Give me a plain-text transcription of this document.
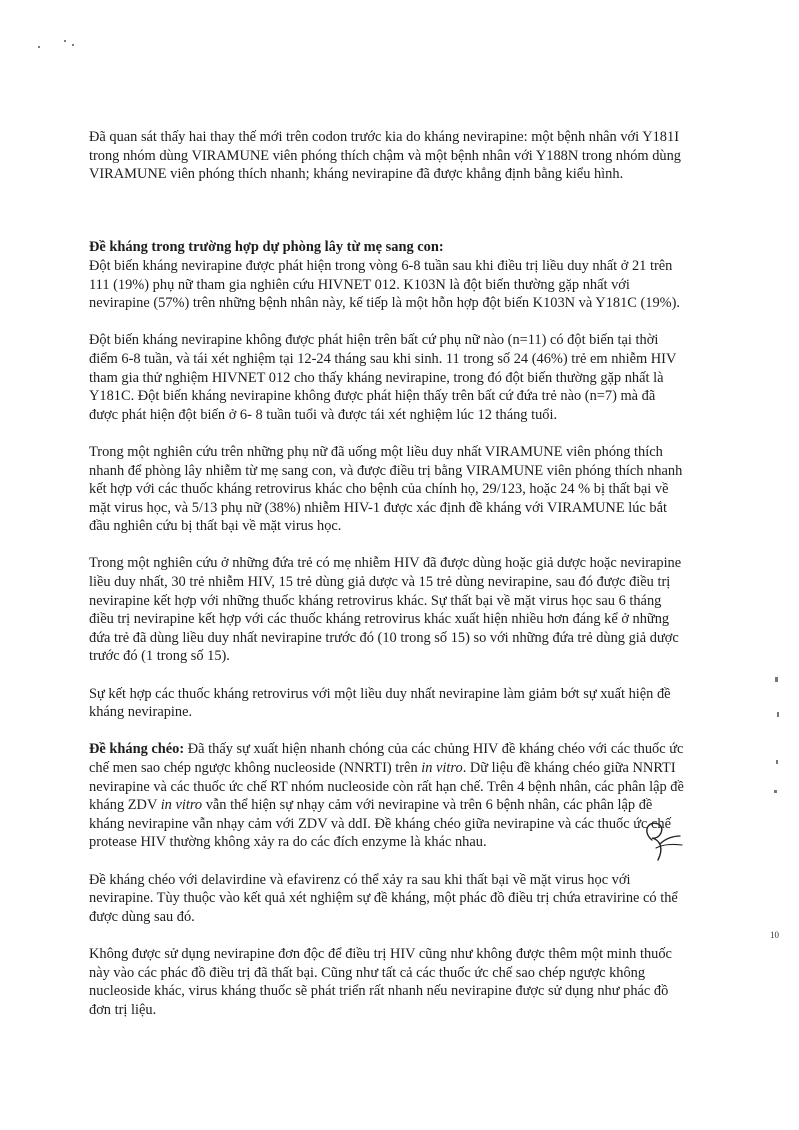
Đã quan sát thấy hai thay thế mới trên codon trước kia do kháng nevirapine: một bệnh nhân với Y181I
trong nhóm dùng VIRAMUNE viên phóng thích chậm và một bệnh nhân với Y188N trong nhóm dùng
VIRAMUNE viên phóng thích nhanh; kháng nevirapine đã được khẳng định bằng kiểu hình.

Đề kháng trong trường hợp dự phòng lây từ mẹ sang con:
Đột biến kháng nevirapine được phát hiện trong vòng 6-8 tuần sau khi điều trị liều duy nhất ở 21 trên
111 (19%) phụ nữ tham gia nghiên cứu HIVNET 012. K103N là đột biến thường gặp nhất với
nevirapine (57%) trên những bệnh nhân này, kế tiếp là một hỗn hợp đột biến K103N và Y181C (19%).

Đột biến kháng nevirapine không được phát hiện trên bất cứ phụ nữ nào (n=11) có đột biến tại thời
điểm 6-8 tuần, và tái xét nghiệm tại 12-24 tháng sau khi sinh. 11 trong số 24 (46%) trẻ em nhiễm HIV
tham gia thử nghiệm HIVNET 012 cho thấy kháng nevirapine, trong đó đột biến thường gặp nhất là
Y181C. Đột biến kháng nevirapine không được phát hiện thấy trên bất cứ đứa trẻ nào (n=7) mà đã
được phát hiện đột biến ở 6- 8 tuần tuổi và được tái xét nghiệm lúc 12 tháng tuổi.

Trong một nghiên cứu trên những phụ nữ đã uống một liều duy nhất VIRAMUNE viên phóng thích
nhanh để phòng lây nhiễm từ mẹ sang con, và được điều trị bằng VIRAMUNE viên phóng thích nhanh
kết hợp với các thuốc kháng retrovirus khác cho bệnh của chính họ, 29/123, hoặc 24 % bị thất bại về
mặt virus học, và 5/13 phụ nữ (38%) nhiễm HIV-1 được xác định đề kháng với VIRAMUNE lúc bắt
đầu nghiên cứu bị thất bại về mặt virus học.

Trong một nghiên cứu ở những đứa trẻ có mẹ nhiễm HIV đã được dùng hoặc giả dược hoặc nevirapine
liều duy nhất, 30 trẻ nhiễm HIV, 15 trẻ dùng giả dược và 15 trẻ dùng nevirapine, sau đó được điều trị
nevirapine kết hợp với những thuốc kháng retrovirus khác. Sự thất bại về mặt virus học sau 6 tháng
điều trị nevirapine kết hợp với các thuốc kháng retrovirus khác xuất hiện nhiều hơn đáng kể ở những
đứa trẻ đã dùng liều duy nhất nevirapine trước đó (10 trong số 15) so với những đứa trẻ dùng giả dược
trước đó (1 trong số 15).

Sự kết hợp các thuốc kháng retrovirus với một liều duy nhất nevirapine làm giảm bớt sự xuất hiện đề
kháng nevirapine.

Đề kháng chéo: Đã thấy sự xuất hiện nhanh chóng của các chủng HIV đề kháng chéo với các thuốc ức
chế men sao chép ngược không nucleoside (NNRTI) trên in vitro. Dữ liệu đề kháng chéo giữa NNRTI
nevirapine và các thuốc ức chế RT nhóm nucleoside còn rất hạn chế. Trên 4 bệnh nhân, các phân lập đề
kháng ZDV in vitro vẫn thể hiện sự nhạy cảm với nevirapine và trên 6 bệnh nhân, các phân lập đề
kháng nevirapine vẫn nhạy cảm với ZDV và ddI. Đề kháng chéo giữa nevirapine và các thuốc ức chế
protease HIV thường không xảy ra do các đích enzyme là khác nhau.

Đề kháng chéo với delavirdine và efavirenz có thể xảy ra sau khi thất bại về mặt virus học với
nevirapine. Tùy thuộc vào kết quả xét nghiệm sự đề kháng, một phác đồ điều trị chứa etravirine có thể
được dùng sau đó.

Không được sử dụng nevirapine đơn độc để điều trị HIV cũng như không được thêm một minh thuốc
này vào các phác đồ điều trị đã thất bại. Cũng như tất cả các thuốc ức chế sao chép ngược không
nucleoside khác, virus kháng thuốc sẽ phát triển rất nhanh nếu nevirapine được sử dụng như phác đồ
đơn trị liệu.

10
